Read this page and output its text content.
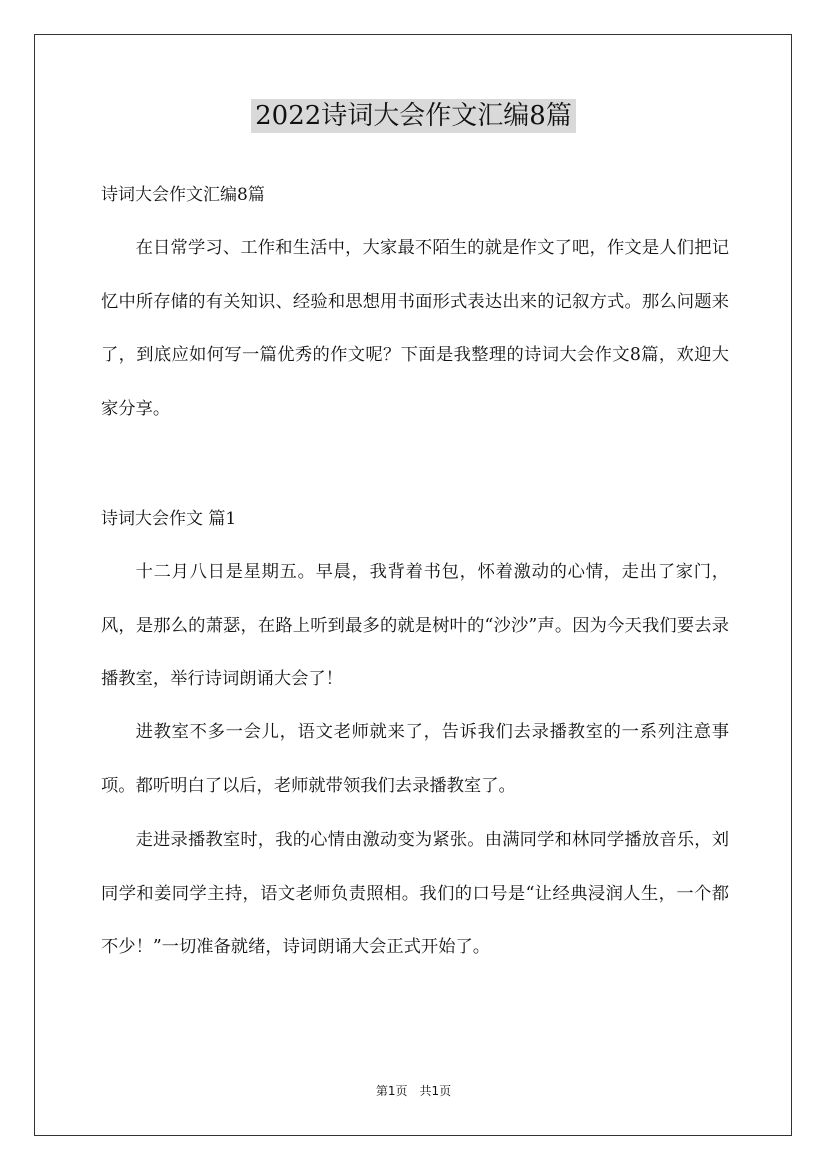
2022诗词大会作文汇编8篇
诗词大会作文汇编8篇
在日常学习、工作和生活中，大家最不陌生的就是作文了吧，作文是人们把记忆中所存储的有关知识、经验和思想用书面形式表达出来的记叙方式。那么问题来了，到底应如何写一篇优秀的作文呢？下面是我整理的诗词大会作文8篇，欢迎大家分享。
诗词大会作文 篇1
十二月八日是星期五。早晨，我背着书包，怀着激动的心情，走出了家门，风，是那么的萧瑟，在路上听到最多的就是树叶的“沙沙”声。因为今天我们要去录播教室，举行诗词朗诵大会了！
进教室不多一会儿，语文老师就来了，告诉我们去录播教室的一系列注意事项。都听明白了以后，老师就带领我们去录播教室了。
走进录播教室时，我的心情由激动变为紧张。由满同学和林同学播放音乐，刘同学和姜同学主持，语文老师负责照相。我们的口号是“让经典浸润人生，一个都不少！”一切准备就绪，诗词朗诵大会正式开始了。
第1页　共1页
